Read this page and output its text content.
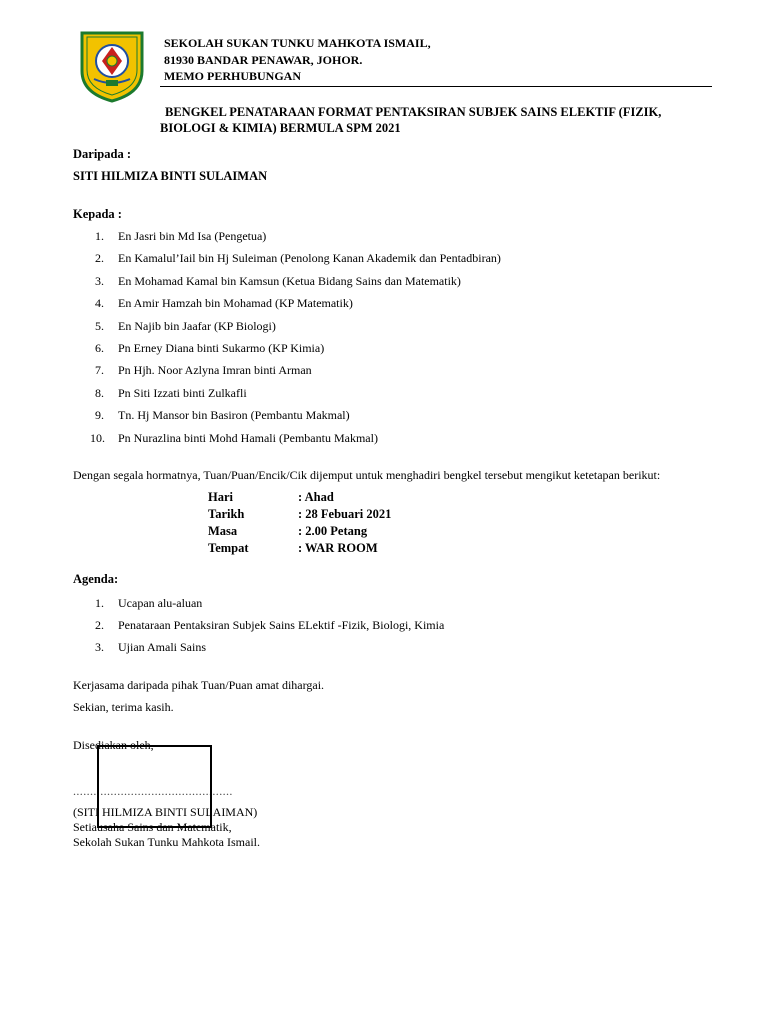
SEKOLAH SUKAN TUNKU MAHKOTA ISMAIL,
81930 BANDAR PENAWAR, JOHOR.
MEMO PERHUBUNGAN
BENGKEL PENATARAAN FORMAT PENTAKSIRAN SUBJEK SAINS ELEKTIF (FIZIK,
BIOLOGI & KIMIA) BERMULA SPM 2021
Daripada :
SITI HILMIZA BINTI SULAIMAN
Kepada :
1. En Jasri bin Md Isa (Pengetua)
2. En Kamalul’Iail bin Hj Suleiman (Penolong Kanan Akademik dan Pentadbiran)
3. En Mohamad Kamal bin Kamsun (Ketua Bidang Sains dan Matematik)
4. En Amir Hamzah bin Mohamad (KP Matematik)
5. En Najib bin Jaafar (KP Biologi)
6. Pn Erney Diana binti Sukarmo (KP Kimia)
7. Pn Hjh. Noor Azlyna Imran binti Arman
8. Pn Siti Izzati binti Zulkafli
9. Tn. Hj Mansor bin Basiron (Pembantu Makmal)
10. Pn Nurazlina binti Mohd Hamali (Pembantu Makmal)
Dengan segala hormatnya, Tuan/Puan/Encik/Cik dijemput untuk menghadiri bengkel tersebut mengikut ketetapan berikut:
Hari	: Ahad
Tarikh	: 28 Febuari 2021
Masa	: 2.00 Petang
Tempat	: WAR ROOM
Agenda:
1. Ucapan alu-aluan
2. Penataraan Pentaksiran Subjek Sains ELektif -Fizik, Biologi, Kimia
3. Ujian Amali Sains
Kerjasama daripada pihak Tuan/Puan amat dihargai.
Sekian, terima kasih.
Disediakan oleh,
...............................................
(SITI HILMIZA BINTI SULAIMAN)
Setiausaha Sains dan Matematik,
Sekolah Sukan Tunku Mahkota Ismail.
